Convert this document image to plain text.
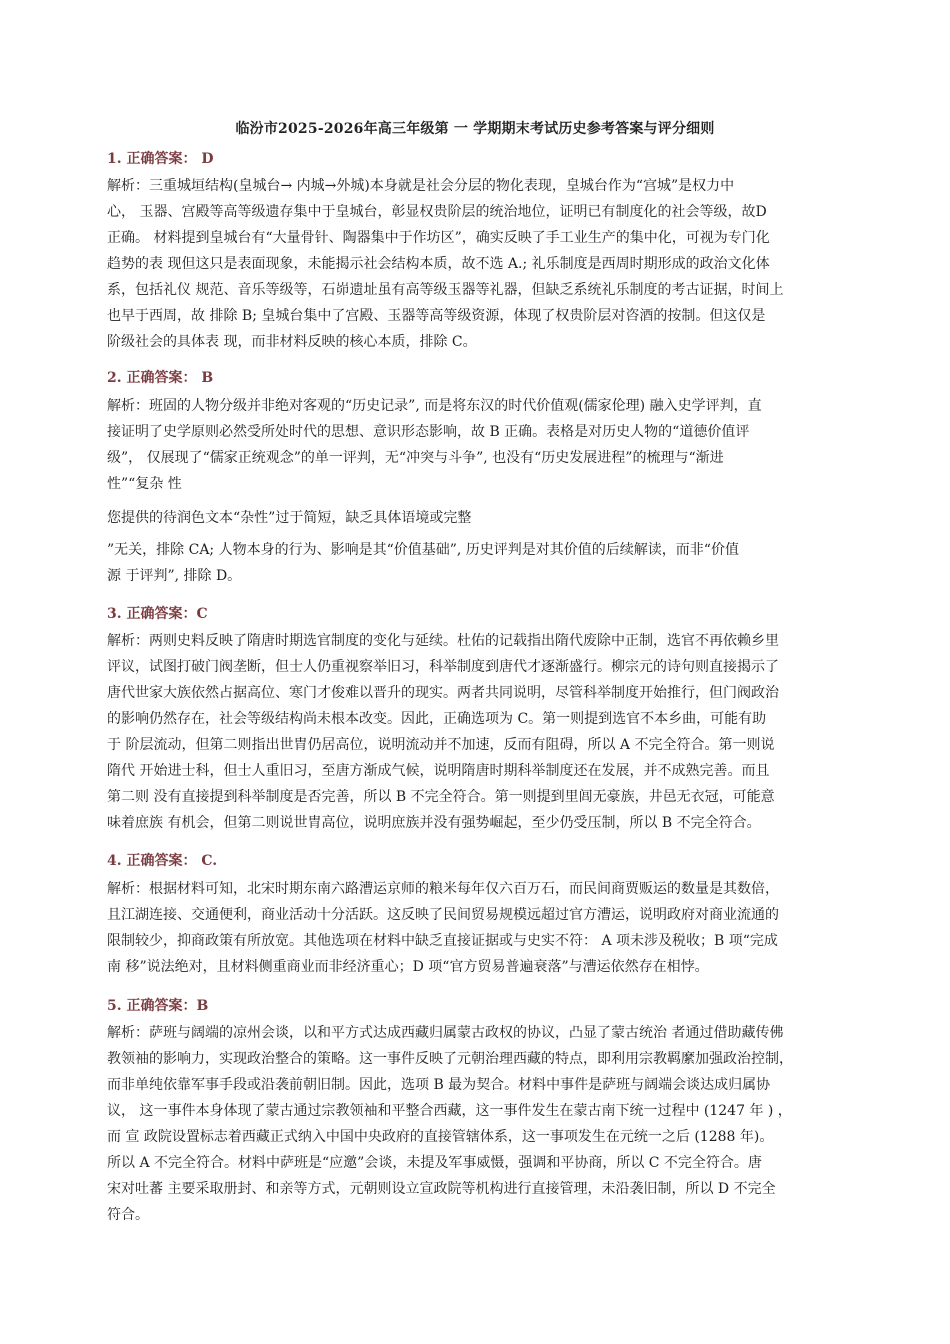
临汾市2025-2026年高三年级第 一 学期期末考试历史参考答案与评分细则
1. 正确答案： D
解析：三重城垣结构(皇城台→ 内城→外城)本身就是社会分层的物化表现，皇城台作为“宫城”是权力中
心， 玉器、宫殿等高等级遗存集中于皇城台，彰显权贵阶层的统治地位，证明已有制度化的社会等级，故D
正确。 材料提到皇城台有“大量骨针、陶器集中于作坊区”，确实反映了手工业生产的集中化，可视为专门化
趋势的表 现但这只是表面现象，未能揭示社会结构本质，故不选 A.; 礼乐制度是西周时期形成的政治文化体
系，包括礼仪 规范、音乐等级等，石峁遗址虽有高等级玉器等礼器，但缺乏系统礼乐制度的考古证据，时间上
也早于西周，故 排除 B; 皇城台集中了宫殿、玉器等高等级资源，体现了权贵阶层对咨酒的按制。但这仅是
阶级社会的具体表 现，而非材料反映的核心本质，排除 C。
2. 正确答案： B
解析：班固的人物分级并非绝对客观的“历史记录”, 而是将东汉的时代价值观(儒家伦理) 融入史学评判，直
接证明了史学原则必然受所处时代的思想、意识形态影响，故 B 正确。表格是对历史人物的“道德价值评
级”， 仅展现了“儒家正统观念”的单一评判，无“冲突与斗争”, 也没有“历史发展进程”的梳理与“渐进
性”“复杂 性
您提供的待润色文本“杂性”过于简短，缺乏具体语境或完整
”无关，排除 CA; 人物本身的行为、影响是其“价值基础”, 历史评判是对其价值的后续解读，而非“价值
源 于评判”, 排除 D。
3. 正确答案：C
解析：两则史料反映了隋唐时期选官制度的变化与延续。杜佑的记载指出隋代废除中正制，选官不再依赖乡里
评议，试图打破门阀垄断，但士人仍重视察举旧习，科举制度到唐代才逐渐盛行。柳宗元的诗句则直接揭示了
唐代世家大族依然占据高位、寒门才俊难以晋升的现实。两者共同说明，尽管科举制度开始推行，但门阀政治
的影响仍然存在，社会等级结构尚未根本改变。因此，正确选项为 C。第一则提到选官不本乡曲，可能有助
于 阶层流动，但第二则指出世胄仍居高位，说明流动并不加速，反而有阻碍，所以 A 不完全符合。第一则说
隋代 开始进士科，但士人重旧习，至唐方渐成气候，说明隋唐时期科举制度还在发展，并不成熟完善。而且
第二则 没有直接提到科举制度是否完善，所以 B 不完全符合。第一则提到里闾无豪族，井邑无衣冠，可能意
味着庶族 有机会，但第二则说世胄高位，说明庶族并没有强势崛起，至少仍受压制，所以 B 不完全符合。
4. 正确答案： C.
解析：根据材料可知，北宋时期东南六路漕运京师的粮米每年仅六百万石，而民间商贾贩运的数量是其数倍，
且江湖连接、交通便利，商业活动十分活跃。这反映了民间贸易规模远超过官方漕运，说明政府对商业流通的
限制较少，抑商政策有所放宽。其他选项在材料中缺乏直接证据或与史实不符： A 项未涉及税收；B 项“完成
南 移”说法绝对，且材料侧重商业而非经济重心；D 项“官方贸易普遍衰落”与漕运依然存在相悖。
5. 正确答案：B
解析：萨班与阔端的凉州会谈，以和平方式达成西藏归属蒙古政权的协议，凸显了蒙古统治 者通过借助藏传佛
教领袖的影响力，实现政治整合的策略。这一事件反映了元朝治理西藏的特点，即利用宗教羁縻加强政治控制，
而非单纯依靠军事手段或沿袭前朝旧制。因此，选项 B 最为契合。材料中事件是萨班与阔端会谈达成归属协
议， 这一事件本身体现了蒙古通过宗教领袖和平整合西藏，这一事件发生在蒙古南下统一过程中 (1247 年 ) ，
而 宣 政院设置标志着西藏正式纳入中国中央政府的直接管辖体系，这一事项发生在元统一之后 (1288 年)。
所以 A 不完全符合。材料中萨班是“应邀”会谈，未提及军事威慑，强调和平协商，所以 C 不完全符合。唐
宋对吐蕃 主要采取册封、和亲等方式，元朝则设立宣政院等机构进行直接管理，未沿袭旧制，所以 D 不完全
符合。
